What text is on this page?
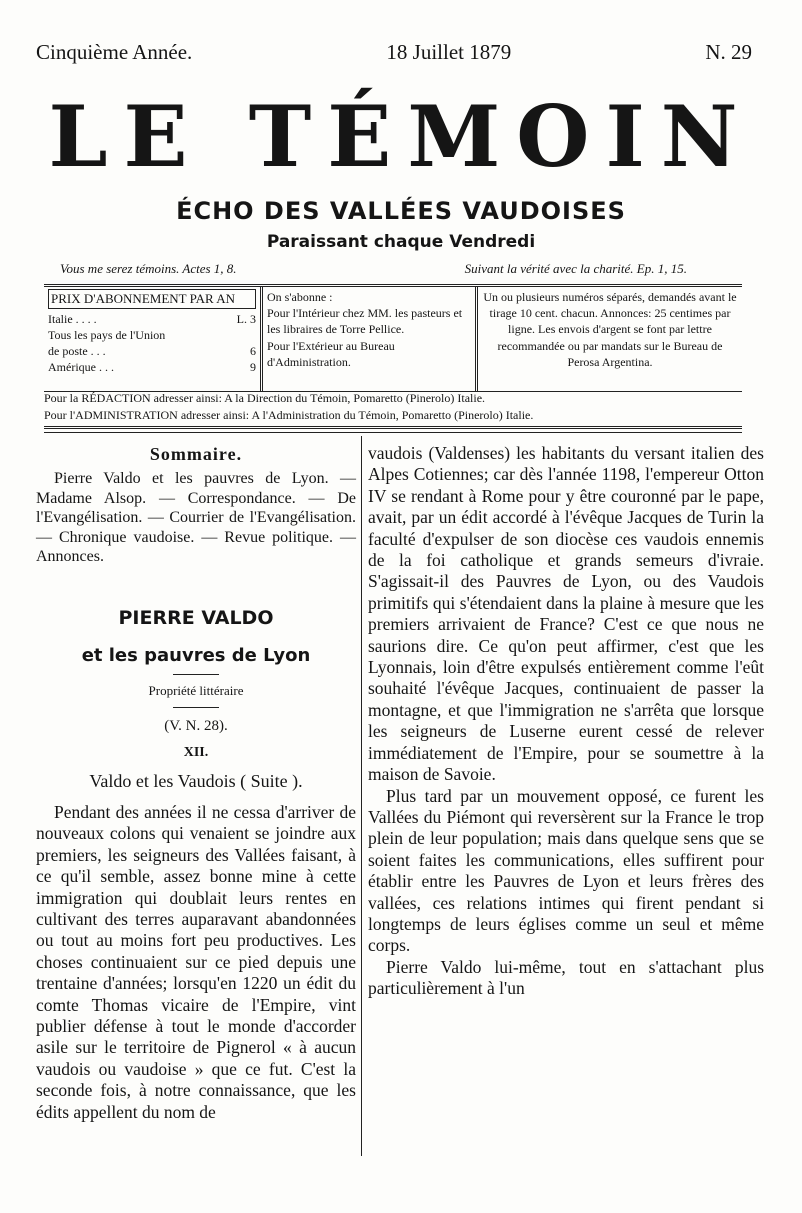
Cinquième Année.	18 Juillet 1879	N. 29
LE TÉMOIN
ÉCHO DES VALLÉES VAUDOISES
Paraissant chaque Vendredi
Vous me serez témoins. Actes 1, 8.	Suivant la vérité avec la charité. Ep. 1, 15.
PRIX D'ABONNEMENT PAR AN
Italie . . . .	L. 3
Tous les pays de l'Union
de poste . . .	6
Amérique . . .	9
On s'abonne :
Pour l'Intérieur chez MM. les pasteurs et les libraires de Torre Pellice.
Pour l'Extérieur au Bureau d'Administration.
Un ou plusieurs numéros séparés, demandés avant le tirage 10 cent. chacun. Annonces: 25 centimes par ligne. Les envois d'argent se font par lettre recommandée ou par mandats sur le Bureau de Perosa Argentina.
Pour la RÉDACTION adresser ainsi: A la Direction du Témoin, Pomaretto (Pinerolo) Italie.
Pour l'ADMINISTRATION adresser ainsi: A l'Administration du Témoin, Pomaretto (Pinerolo) Italie.
Sommaire.

Pierre Valdo et les pauvres de Lyon. — Madame Alsop. — Correspondance. — De l'Evangélisation. — Courrier de l'Evangélisation. — Chronique vaudoise. — Revue politique. — Annonces.

PIERRE VALDO
et les pauvres de Lyon
Propriété littéraire
(V. N. 28).
XII.
Valdo et les Vaudois ( Suite ).

Pendant des années il ne cessa d'arriver de nouveaux colons qui venaient se joindre aux premiers, les seigneurs des Vallées faisant, à ce qu'il semble, assez bonne mine à cette immigration qui doublait leurs rentes en cultivant des terres auparavant abandonnées ou tout au moins fort peu productives. Les choses continuaient sur ce pied depuis une trentaine d'années; lorsqu'en 1220 un édit du comte Thomas vicaire de l'Empire, vint publier défense à tout le monde d'accorder asile sur le territoire de Pignerol « à aucun vaudois ou vaudoise » que ce fut. C'est la seconde fois, à notre connaissance, que les édits appellent du nom de

vaudois (Valdenses) les habitants du versant italien des Alpes Cotiennes; car dès l'année 1198, l'empereur Otton IV se rendant à Rome pour y être couronné par le pape, avait, par un édit accordé à l'évêque Jacques de Turin la faculté d'expulser de son diocèse ces vaudois ennemis de la foi catholique et grands semeurs d'ivraie. S'agissait-il des Pauvres de Lyon, ou des Vaudois primitifs qui s'étendaient dans la plaine à mesure que les premiers arrivaient de France? C'est ce que nous ne saurions dire. Ce qu'on peut affirmer, c'est que les Lyonnais, loin d'être expulsés entièrement comme l'eût souhaité l'évêque Jacques, continuaient de passer la montagne, et que l'immigration ne s'arrêta que lorsque les seigneurs de Luserne eurent cessé de relever immédiatement de l'Empire, pour se soumettre à la maison de Savoie.

Plus tard par un mouvement opposé, ce furent les Vallées du Piémont qui reversèrent sur la France le trop plein de leur population; mais dans quelque sens que se soient faites les communications, elles suffirent pour établir entre les Pauvres de Lyon et leurs frères des vallées, ces relations intimes qui firent pendant si longtemps de leurs églises comme un seul et même corps.

Pierre Valdo lui-même, tout en s'attachant plus particulièrement à l'un
